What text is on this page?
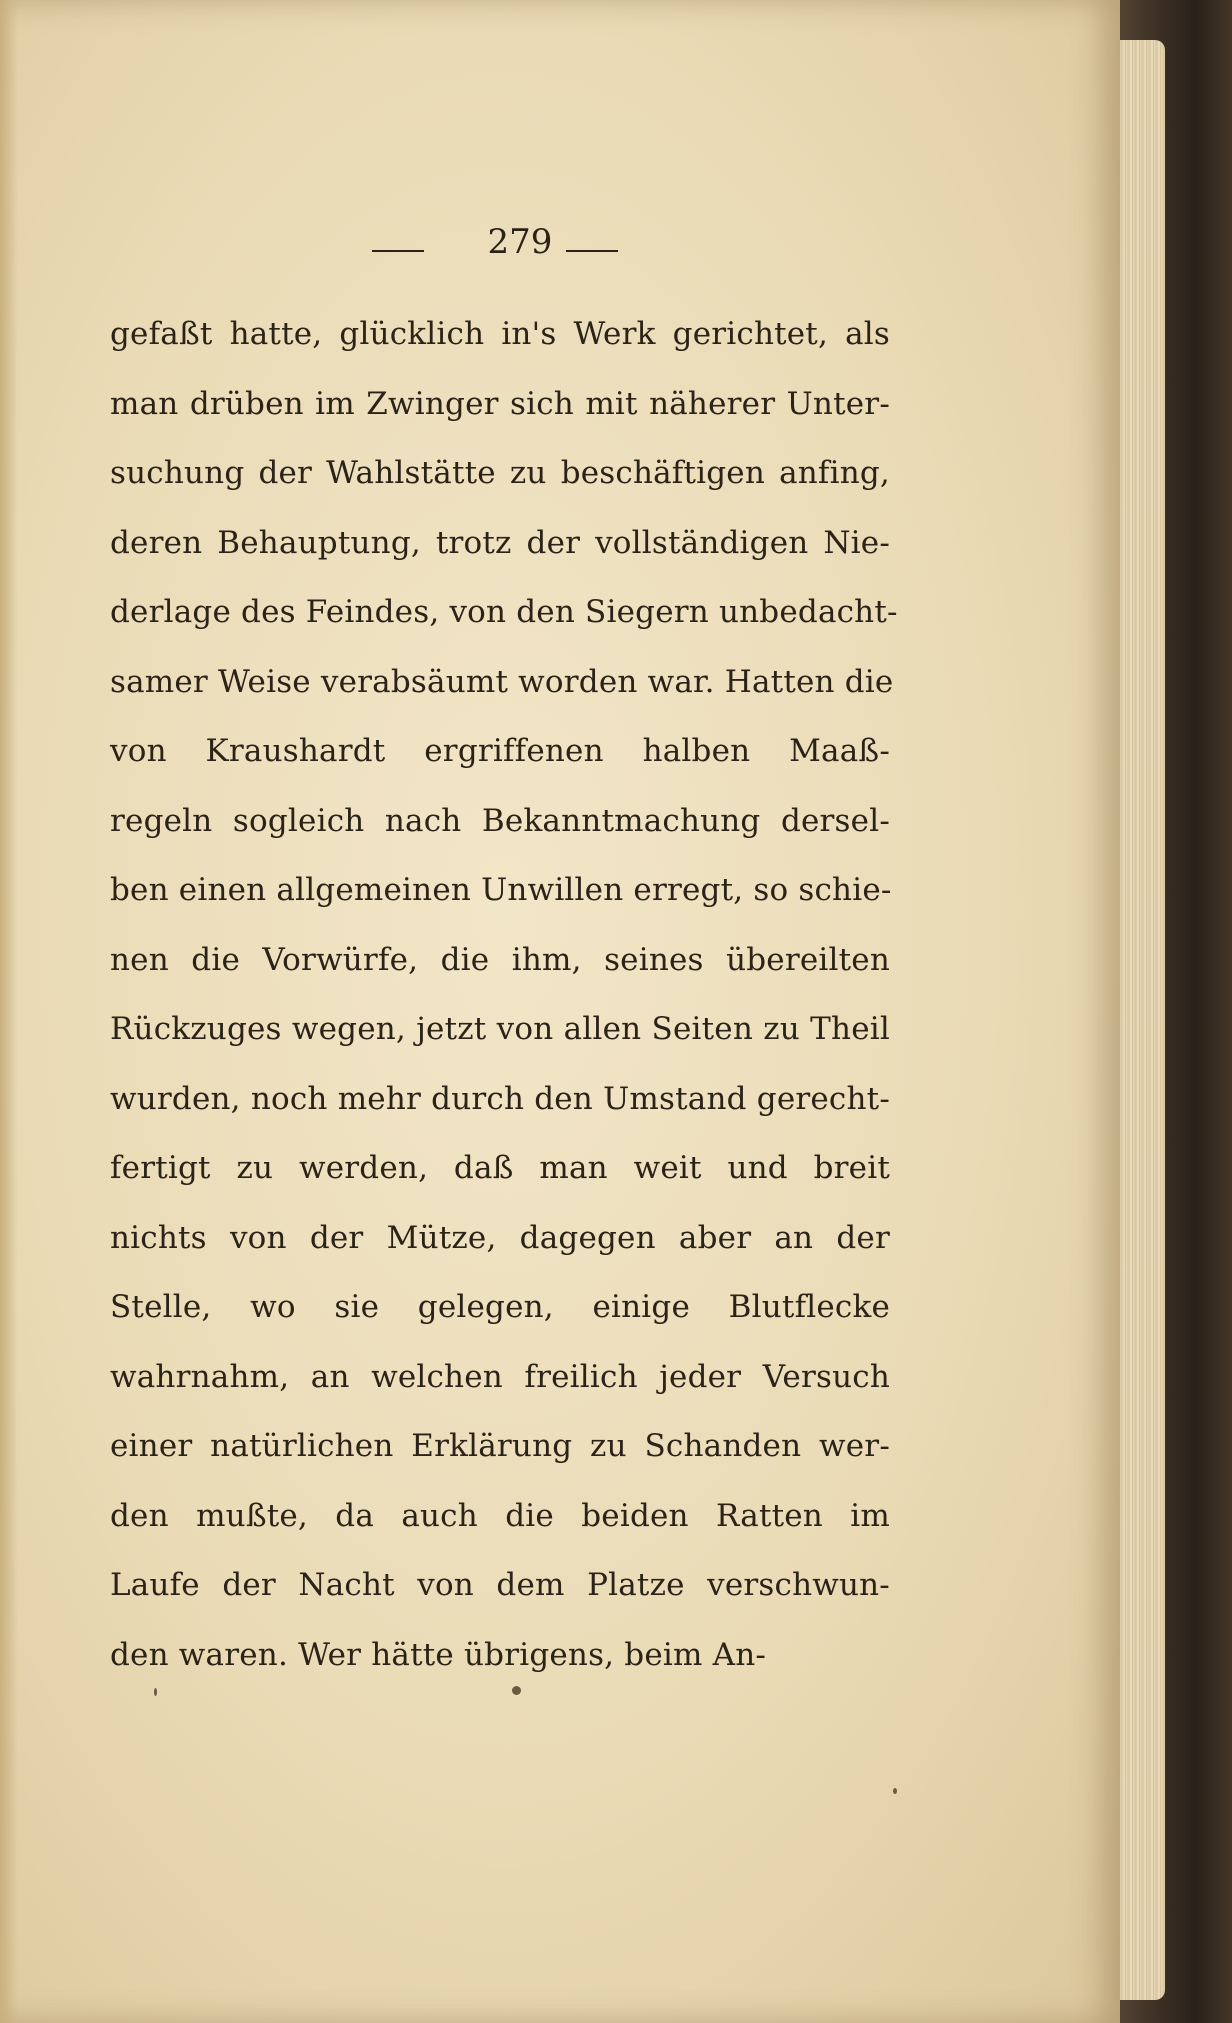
279
gefaßt hatte, glücklich in's Werk gerichtet, als
man drüben im Zwinger sich mit näherer Unter-
suchung der Wahlstätte zu beschäftigen anfing,
deren Behauptung, trotz der vollständigen Nie-
derlage des Feindes, von den Siegern unbedacht-
samer Weise verabsäumt worden war. Hatten die
von Kraushardt ergriffenen halben Maaß-
regeln sogleich nach Bekanntmachung dersel-
ben einen allgemeinen Unwillen erregt, so schie-
nen die Vorwürfe, die ihm, seines übereilten
Rückzuges wegen, jetzt von allen Seiten zu Theil
wurden, noch mehr durch den Umstand gerecht-
fertigt zu werden, daß man weit und breit
nichts von der Mütze, dagegen aber an der
Stelle, wo sie gelegen, einige Blutflecke
wahrnahm, an welchen freilich jeder Versuch
einer natürlichen Erklärung zu Schanden wer-
den mußte, da auch die beiden Ratten im
Laufe der Nacht von dem Platze verschwun-
den waren. Wer hätte übrigens, beim An-
